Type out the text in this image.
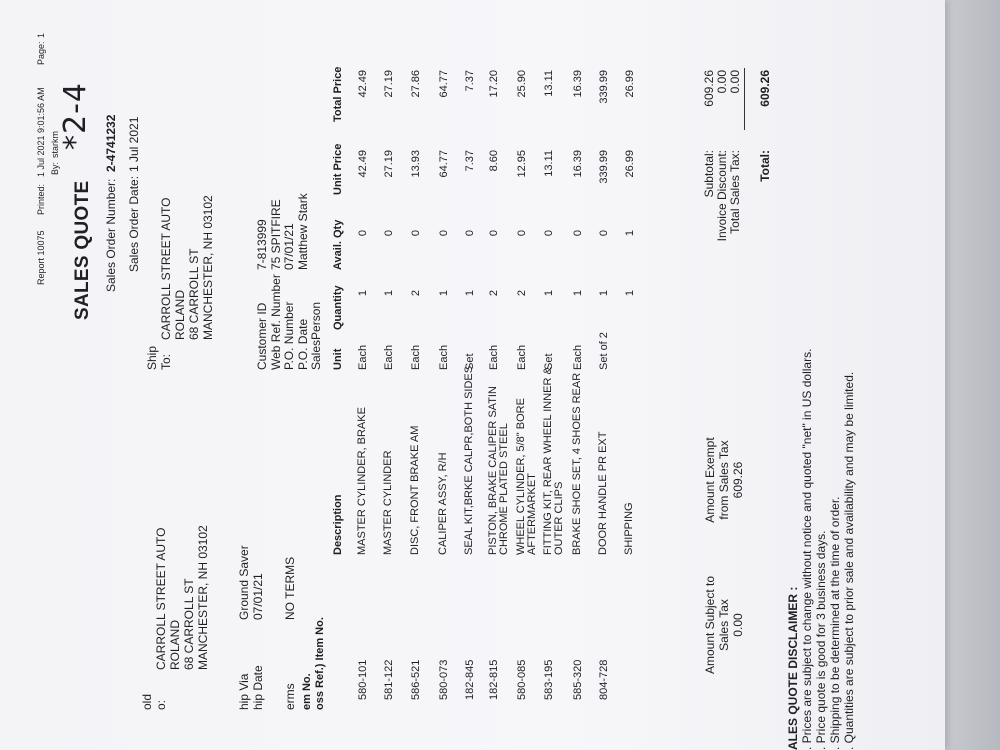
Report 10075
Printed:
1 Jul 2021 9:01:56 AM
Page:
1
By:
starkm
SALES QUOTE
*2-4
Sales Order Number:
2-4741232
Sales Order Date:
1 Jul 2021
Ship To:
CARROLL STREET AUTO ROLAND 68 CARROLL ST MANCHESTER, NH 03102
old o:
CARROLL STREET AUTO ROLAND 68 CARROLL ST MANCHESTER, NH 03102
hip Via hip Date
Ground Saver 07/01/21
erms
NO TERMS
Customer ID Web Ref. Number P.O. Number P.O. Date SalesPerson
7-813999 75 SPITFIRE 07/01/21 Matthew Stark
em No. oss Ref.) Item No.
Description
Unit
Quantity
Avail. Qty
Unit Price
Total Price
580-101
MASTER CYLINDER, BRAKE
Each
1
0
42.49
42.49
581-122
MASTER CYLINDER
Each
1
0
27.19
27.19
586-521
DISC, FRONT BRAKE AM
Each
2
0
13.93
27.86
580-073
CALIPER ASSY, R/H
Each
1
0
64.77
64.77
182-845
SEAL KIT,BRKE CALPR,BOTH SIDES
Set
1
0
7.37
7.37
182-815
PISTON, BRAKE CALIPER SATIN CHROME PLATED STEEL
Each
2
0
8.60
17.20
580-085
WHEEL CYLINDER, 5/8" BORE AFTERMARKET
Each
2
0
12.95
25.90
583-195
FITTING KIT, REAR WHEEL INNER & OUTER CLIPS
Set
1
0
13.11
13.11
585-320
BRAKE SHOE SET, 4 SHOES REAR
Each
1
0
16.39
16.39
804-728
DOOR HANDLE PR EXT
Set of 2
1
0
339.99
339.99
SHIPPING
1
1
26.99
26.99
Amount Subject to Sales Tax 0.00
Amount Exempt from Sales Tax 609.26
Subtotal: Invoice Discount: Total Sales Tax:
609.26 0.00 0.00
Total:
609.26
ALES QUOTE DISCLAIMER : . Prices are subject to change without notice and quoted "net" in US dollars.
. Price quote is good for 3 business days.
. Shipping to be determined at the time of order.
. Quantities are subject to prior sale and availability and may be limited.
